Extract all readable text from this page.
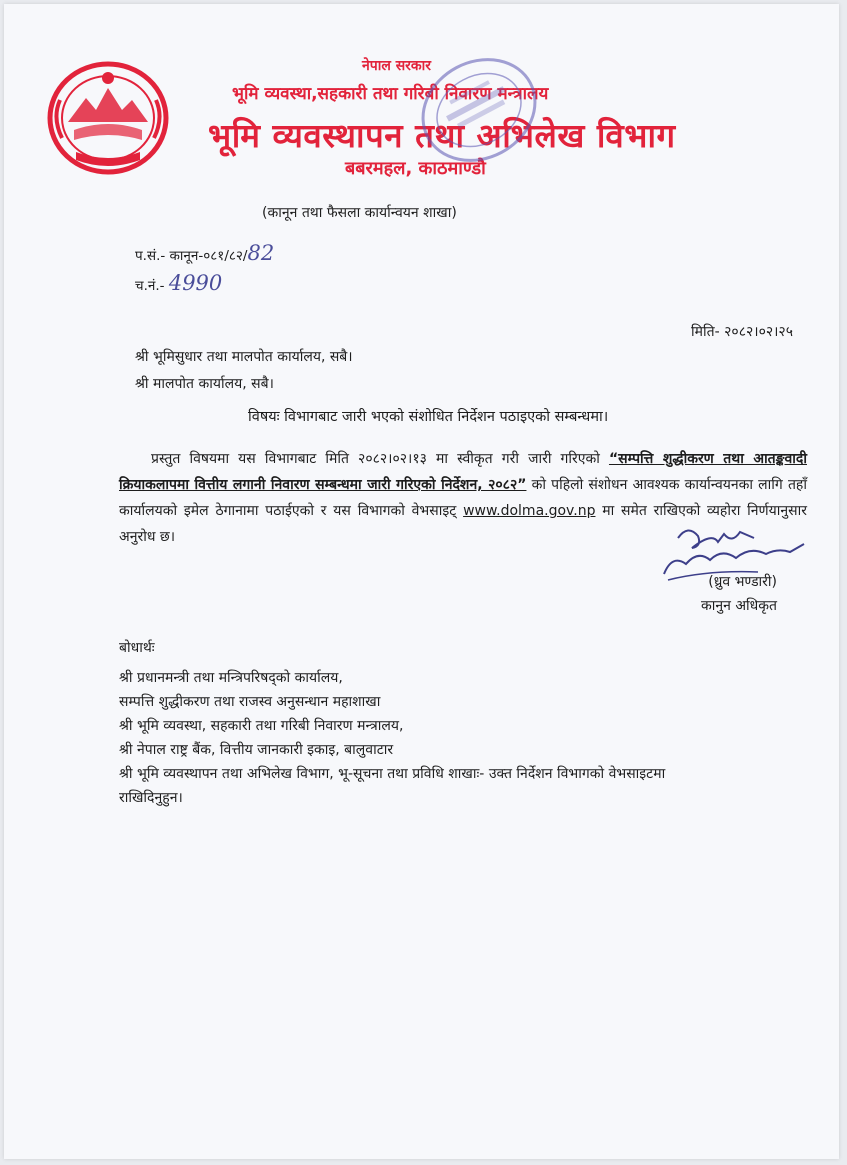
नेपाल सरकार
भूमि व्यवस्था,सहकारी तथा गरिबी निवारण मन्त्रालय
भूमि व्यवस्थापन तथा अभिलेख विभाग
बबरमहल, काठमाण्डौ
(कानून तथा फैसला कार्यान्वयन शाखा)
प.सं.- कानून-०८१/८२/82
च.नं.- 4990
मिति- २०८२।०२।२५
श्री भूमिसुधार तथा मालपोत कार्यालय, सबै।
श्री मालपोत कार्यालय, सबै।
विषयः विभागबाट जारी भएको संशोधित निर्देशन पठाइएको सम्बन्धमा।
प्रस्तुत विषयमा यस विभागबाट मिति २०८२।०२।१३ मा स्वीकृत गरी जारी गरिएको “सम्पत्ति शुद्धीकरण तथा आतङ्कवादी क्रियाकलापमा वित्तीय लगानी निवारण सम्बन्धमा जारी गरिएको निर्देशन, २०८२” को पहिलो संशोधन आवश्यक कार्यान्वयनका लागि तहाँ कार्यालयको इमेल ठेगानामा पठाईएको र यस विभागको वेभसाइट् www.dolma.gov.np मा समेत राखिएको व्यहोरा निर्णयानुसार अनुरोध छ।
(ध्रुव भण्डारी)
कानुन अधिकृत
बोधार्थः
श्री प्रधानमन्त्री तथा मन्त्रिपरिषद्को कार्यालय,
सम्पत्ति शुद्धीकरण तथा राजस्व अनुसन्धान महाशाखा
श्री भूमि व्यवस्था, सहकारी तथा गरिबी निवारण मन्त्रालय,
श्री नेपाल राष्ट्र बैंक, वित्तीय जानकारी इकाइ, बालुवाटार
श्री भूमि व्यवस्थापन तथा अभिलेख विभाग, भू-सूचना तथा प्रविधि शाखाः- उक्त निर्देशन विभागको वेभसाइटमा
राखिदिनुहुन।
